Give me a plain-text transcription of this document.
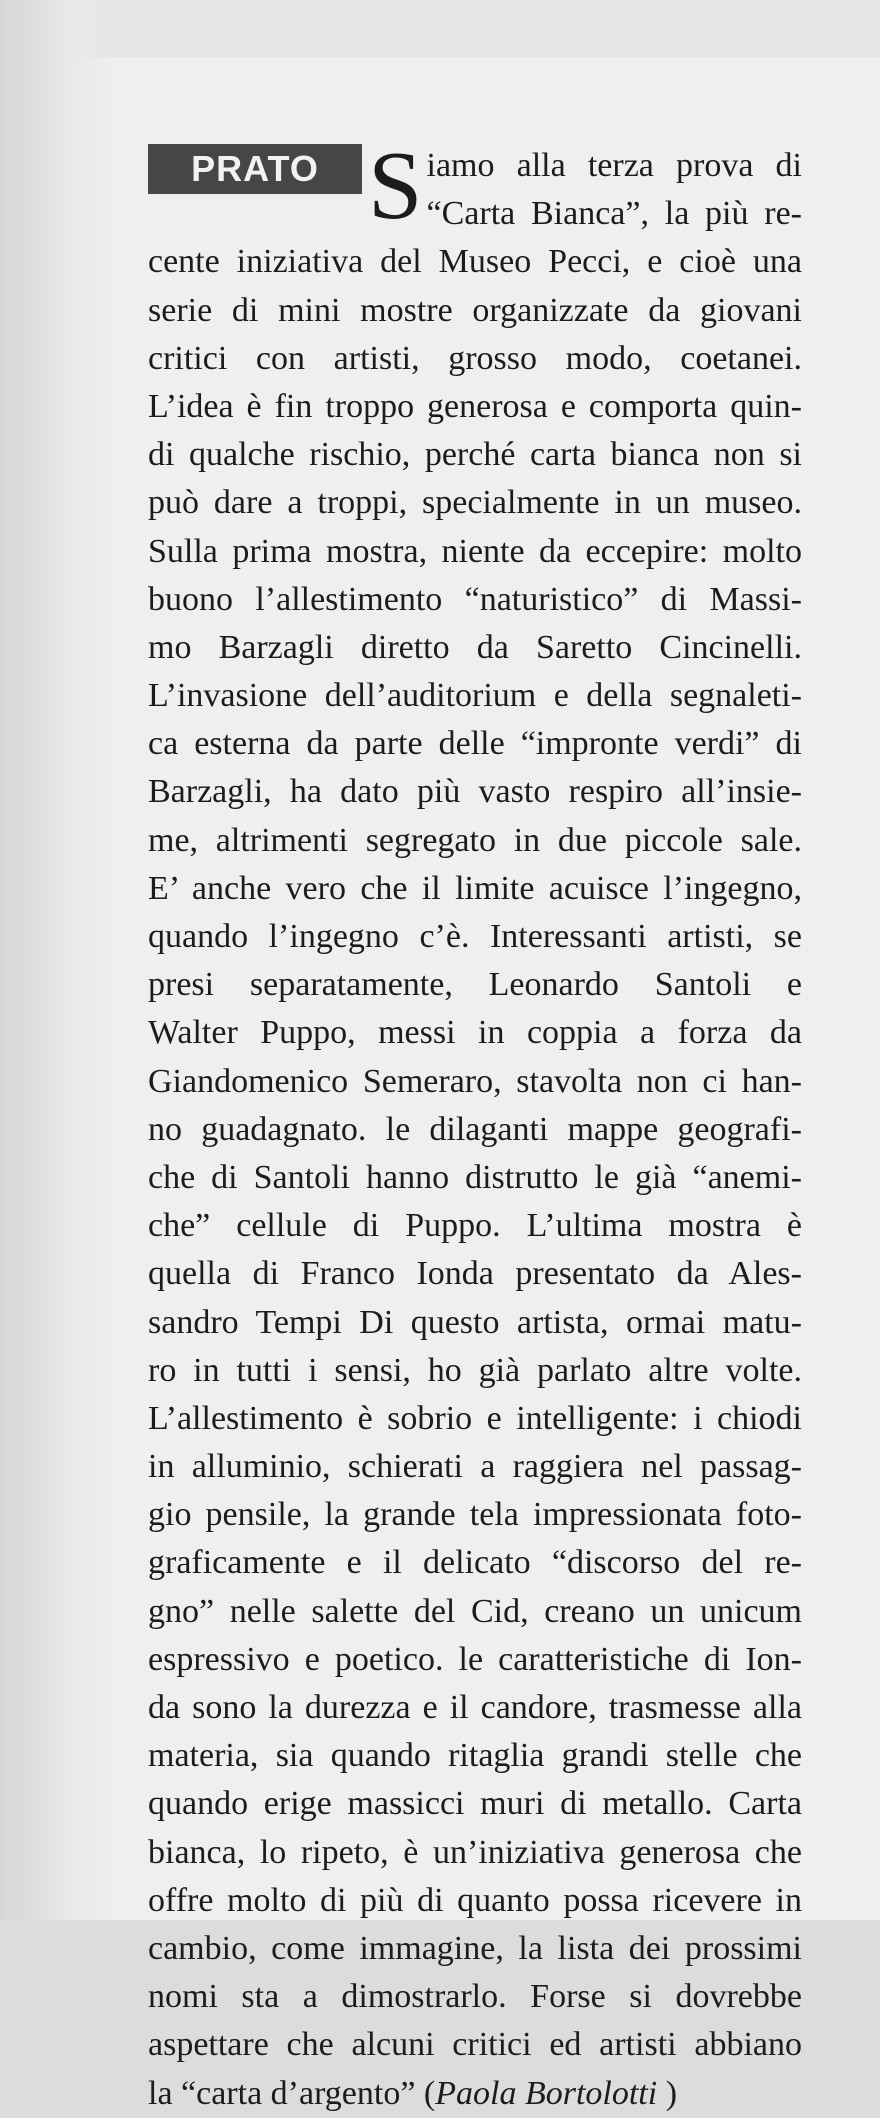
PRATO S iamo alla terza prova di
“Carta Bianca”, la più re-
cente iniziativa del Museo Pecci, e cioè una
serie di mini mostre organizzate da giovani
critici con artisti, grosso modo, coetanei.
L’idea è fin troppo generosa e comporta quin-
di qualche rischio, perché carta bianca non si
può dare a troppi, specialmente in un museo.
Sulla prima mostra, niente da eccepire: molto
buono l’allestimento “naturistico” di Massi-
mo Barzagli diretto da Saretto Cincinelli.
L’invasione dell’auditorium e della segnaleti-
ca esterna da parte delle “impronte verdi” di
Barzagli, ha dato più vasto respiro all’insie-
me, altrimenti segregato in due piccole sale.
E’ anche vero che il limite acuisce l’ingegno,
quando l’ingegno c’è. Interessanti artisti, se
presi separatamente, Leonardo Santoli e
Walter Puppo, messi in coppia a forza da
Giandomenico Semeraro, stavolta non ci han-
no guadagnato. le dilaganti mappe geografi-
che di Santoli hanno distrutto le già “anemi-
che” cellule di Puppo. L’ultima mostra è
quella di Franco Ionda presentato da Ales-
sandro Tempi Di questo artista, ormai matu-
ro in tutti i sensi, ho già parlato altre volte.
L’allestimento è sobrio e intelligente: i chiodi
in alluminio, schierati a raggiera nel passag-
gio pensile, la grande tela impressionata foto-
graficamente e il delicato “discorso del re-
gno” nelle salette del Cid, creano un unicum
espressivo e poetico. le caratteristiche di Ion-
da sono la durezza e il candore, trasmesse alla
materia, sia quando ritaglia grandi stelle che
quando erige massicci muri di metallo. Carta
bianca, lo ripeto, è un’iniziativa generosa che
offre molto di più di quanto possa ricevere in
cambio, come immagine, la lista dei prossimi
nomi sta a dimostrarlo. Forse si dovrebbe
aspettare che alcuni critici ed artisti abbiano
la “carta d’argento” (Paola Bortolotti )
